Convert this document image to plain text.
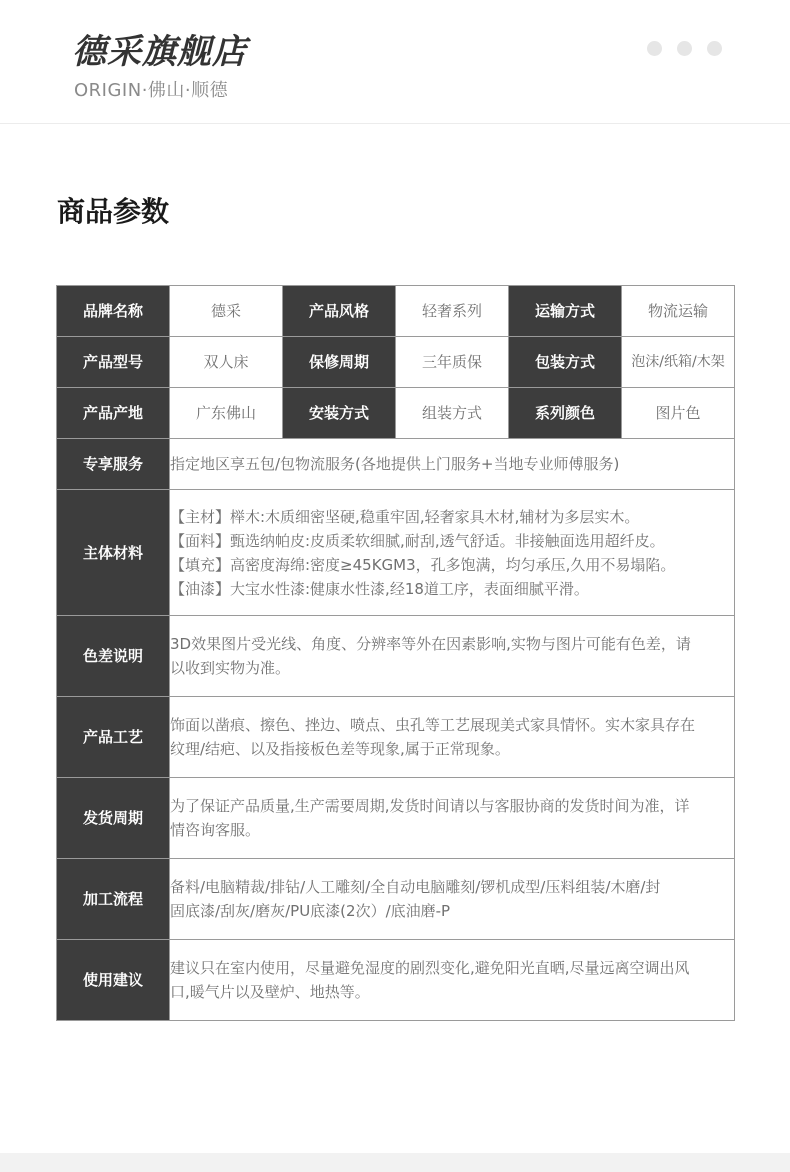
德采旗舰店
ORIGIN·佛山·顺德
商品参数
品牌名称	德采	产品风格	轻奢系列	运输方式	物流运输
产品型号	双人床	保修周期	三年质保	包装方式	泡沫/纸箱/木架
产品产地	广东佛山	安装方式	组装方式	系列颜色	图片色
专享服务	指定地区享五包/包物流服务(各地提供上门服务+当地专业师傅服务)				
主体材料	【主材】榉木:木质细密坚硬,稳重牢固,轻奢家具木材,辅材为多层实木。
【面料】甄选纳帕皮:皮质柔软细腻,耐刮,透气舒适。非接触面选用超纤皮。
【填充】高密度海绵:密度≥45KGM3，孔多饱满，均匀承压,久用不易塌陷。
【油漆】大宝水性漆:健康水性漆,经18道工序，表面细腻平滑。				

色差说明	3D效果图片受光线、角度、分辨率等外在因素影响,实物与图片可能有色差，请
以收到实物为准。				

产品工艺	饰面以凿痕、擦色、挫边、喷点、虫孔等工艺展现美式家具情怀。实木家具存在
纹理/结疤、以及指接板色差等现象,属于正常现象。				

发货周期	为了保证产品质量,生产需要周期,发货时间请以与客服协商的发货时间为准，详
情咨询客服。				

加工流程	备料/电脑精裁/排钻/人工雕刻/全自动电脑雕刻/锣机成型/压料组装/木磨/封
固底漆/刮灰/磨灰/PU底漆(2次）/底油磨-P				

使用建议	建议只在室内使用，尽量避免湿度的剧烈变化,避免阳光直晒,尽量远离空调出风
口,暖气片以及壁炉、地热等。				
